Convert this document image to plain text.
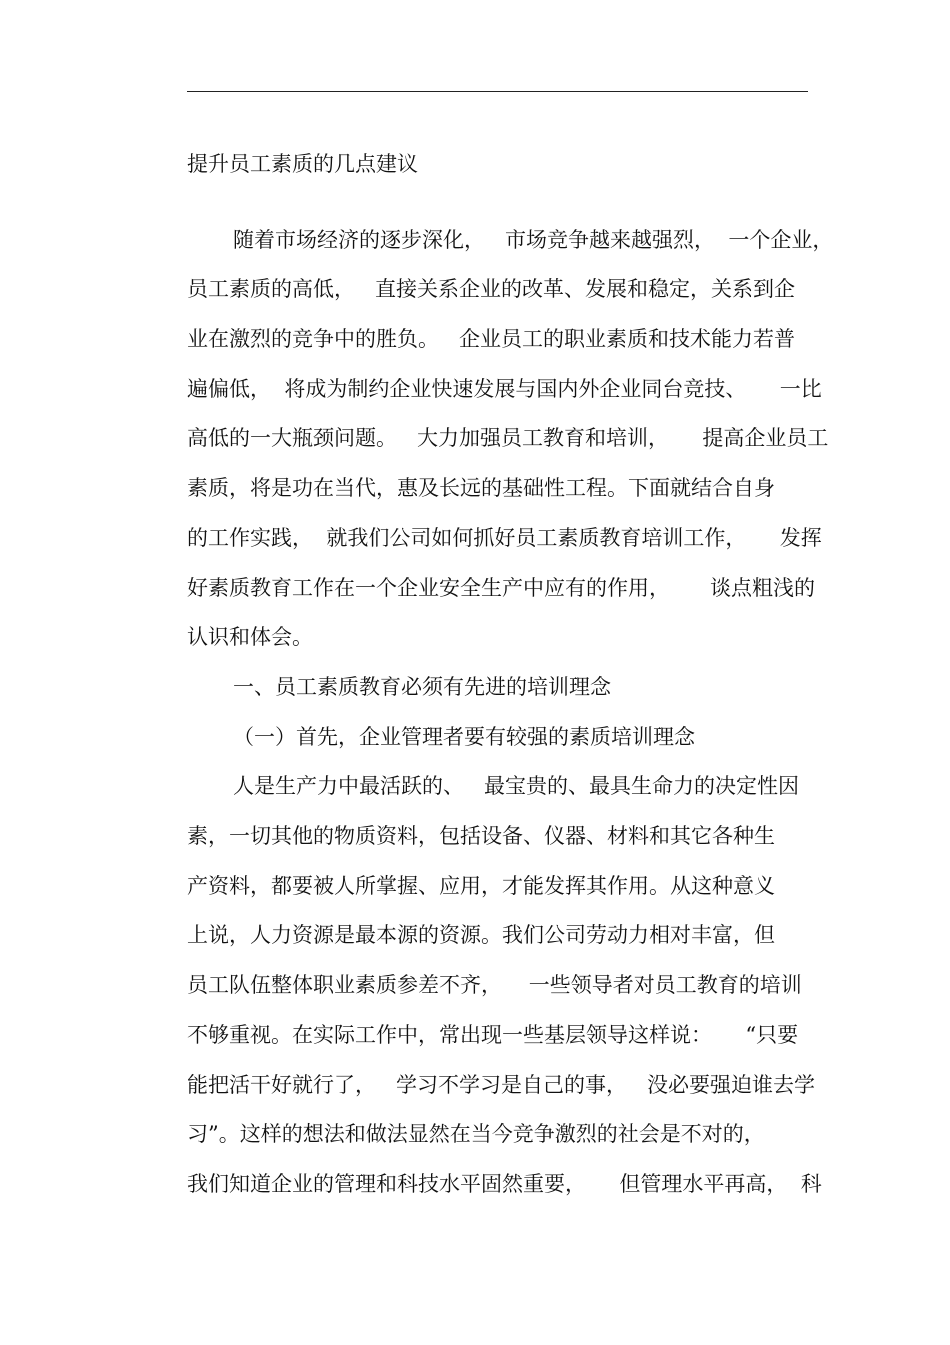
提升员工素质的几点建议
随着市场经济的逐步深化，   市场竞争越来越强烈，  一个企业，
员工素质的高低，   直接关系企业的改革、发展和稳定，关系到企
业在激烈的竞争中的胜负。   企业员工的职业素质和技术能力若普
遍偏低，  将成为制约企业快速发展与国内外企业同台竞技、     一比
高低的一大瓶颈问题。   大力加强员工教育和培训，     提高企业员工
素质，将是功在当代，惠及长远的基础性工程。下面就结合自身
的工作实践，  就我们公司如何抓好员工素质教育培训工作，     发挥
好素质教育工作在一个企业安全生产中应有的作用，      谈点粗浅的
认识和体会。
一、员工素质教育必须有先进的培训理念
（一）首先，企业管理者要有较强的素质培训理念
人是生产力中最活跃的、   最宝贵的、最具生命力的决定性因
素，一切其他的物质资料，包括设备、仪器、材料和其它各种生
产资料，都要被人所掌握、应用，才能发挥其作用。从这种意义
上说，人力资源是最本源的资源。我们公司劳动力相对丰富，但
员工队伍整体职业素质参差不齐，    一些领导者对员工教育的培训
不够重视。在实际工作中，常出现一些基层领导这样说：     “只要
能把活干好就行了，   学习不学习是自己的事，   没必要强迫谁去学
习”。这样的想法和做法显然在当今竞争激烈的社会是不对的，
我们知道企业的管理和科技水平固然重要，     但管理水平再高，  科
